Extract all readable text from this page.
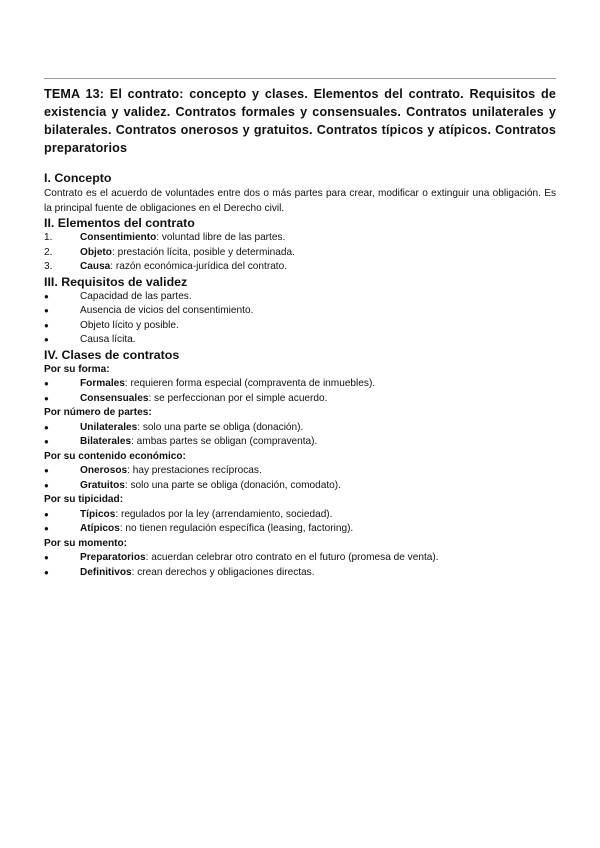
TEMA 13: El contrato: concepto y clases. Elementos del contrato. Requisitos de existencia y validez. Contratos formales y consensuales. Contratos unilaterales y bilaterales. Contratos onerosos y gratuitos. Contratos típicos y atípicos. Contratos preparatorios

I. Concepto

Contrato es el acuerdo de voluntades entre dos o más partes para crear, modificar o extinguir una obligación. Es la principal fuente de obligaciones en el Derecho civil.

II. Elementos del contrato

1.	Consentimiento: voluntad libre de las partes.
2.	Objeto: prestación lícita, posible y determinada.
3.	Causa: razón económica-jurídica del contrato.

III. Requisitos de validez

●	Capacidad de las partes.
●	Ausencia de vicios del consentimiento.
●	Objeto lícito y posible.
●	Causa lícita.

IV. Clases de contratos

Por su forma:

●	Formales: requieren forma especial (compraventa de inmuebles).
●	Consensuales: se perfeccionan por el simple acuerdo.

Por número de partes:

●	Unilaterales: solo una parte se obliga (donación).
●	Bilaterales: ambas partes se obligan (compraventa).

Por su contenido económico:

●	Onerosos: hay prestaciones recíprocas.
●	Gratuitos: solo una parte se obliga (donación, comodato).

Por su tipicidad:

●	Típicos: regulados por la ley (arrendamiento, sociedad).
●	Atípicos: no tienen regulación específica (leasing, factoring).

Por su momento:

●	Preparatorios: acuerdan celebrar otro contrato en el futuro (promesa de venta).
●	Definitivos: crean derechos y obligaciones directas.
